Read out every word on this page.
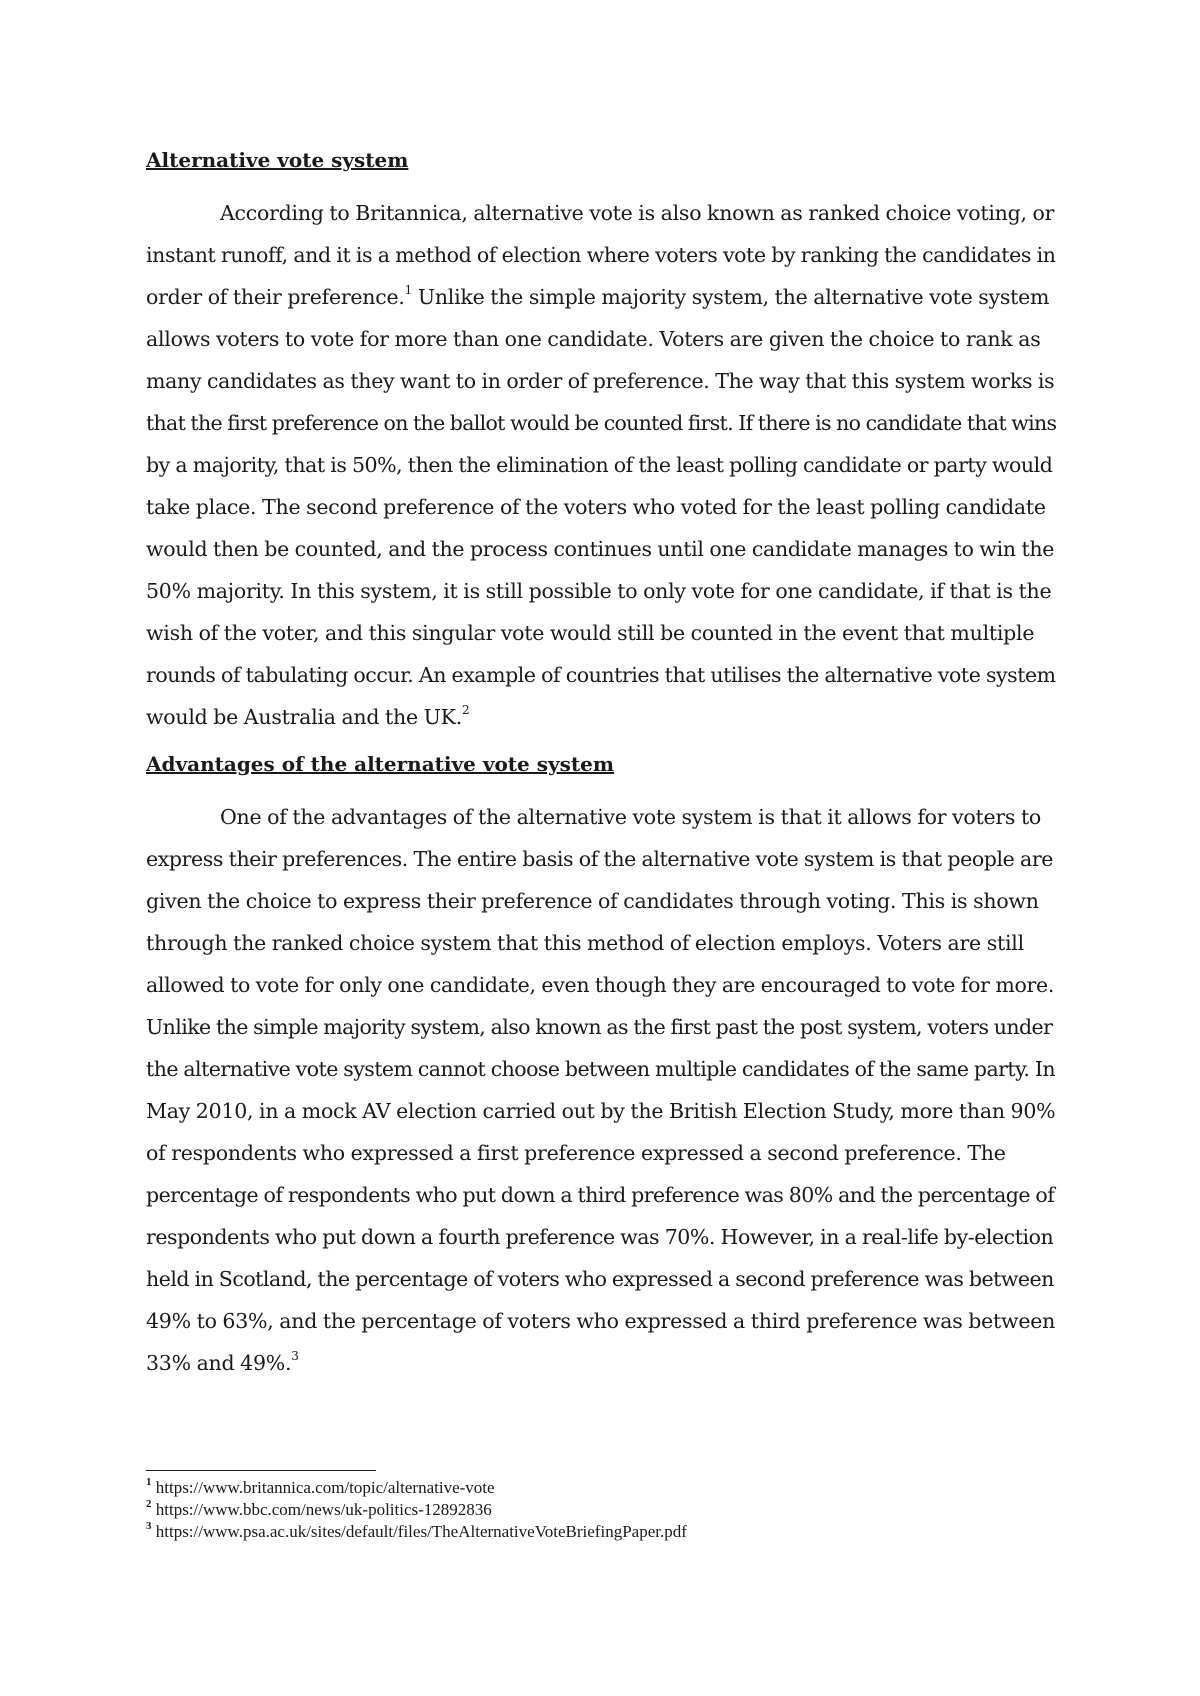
Alternative vote system

According to Britannica, alternative vote is also known as ranked choice voting, or
instant runoff, and it is a method of election where voters vote by ranking the candidates in
order of their preference.$^1$ Unlike the simple majority system, the alternative vote system
allows voters to vote for more than one candidate. Voters are given the choice to rank as
many candidates as they want to in order of preference. The way that this system works is
that the first preference on the ballot would be counted first. If there is no candidate that wins
by a majority, that is 50%, then the elimination of the least polling candidate or party would
take place. The second preference of the voters who voted for the least polling candidate
would then be counted, and the process continues until one candidate manages to win the
50% majority. In this system, it is still possible to only vote for one candidate, if that is the
wish of the voter, and this singular vote would still be counted in the event that multiple
rounds of tabulating occur. An example of countries that utilises the alternative vote system
would be Australia and the UK.$^2$

Advantages of the alternative vote system

One of the advantages of the alternative vote system is that it allows for voters to
express their preferences. The entire basis of the alternative vote system is that people are
given the choice to express their preference of candidates through voting. This is shown
through the ranked choice system that this method of election employs. Voters are still
allowed to vote for only one candidate, even though they are encouraged to vote for more.
Unlike the simple majority system, also known as the first past the post system, voters under
the alternative vote system cannot choose between multiple candidates of the same party. In
May 2010, in a mock AV election carried out by the British Election Study, more than 90%
of respondents who expressed a first preference expressed a second preference. The
percentage of respondents who put down a third preference was 80% and the percentage of
respondents who put down a fourth preference was 70%. However, in a real-life by-election
held in Scotland, the percentage of voters who expressed a second preference was between
49% to 63%, and the percentage of voters who expressed a third preference was between
33% and 49%.$^3$

$^1$ https://www.britannica.com/topic/alternative-vote
$^2$ https://www.bbc.com/news/uk-politics-12892836
$^3$ https://www.psa.ac.uk/sites/default/files/TheAlternativeVoteBriefingPaper.pdf
